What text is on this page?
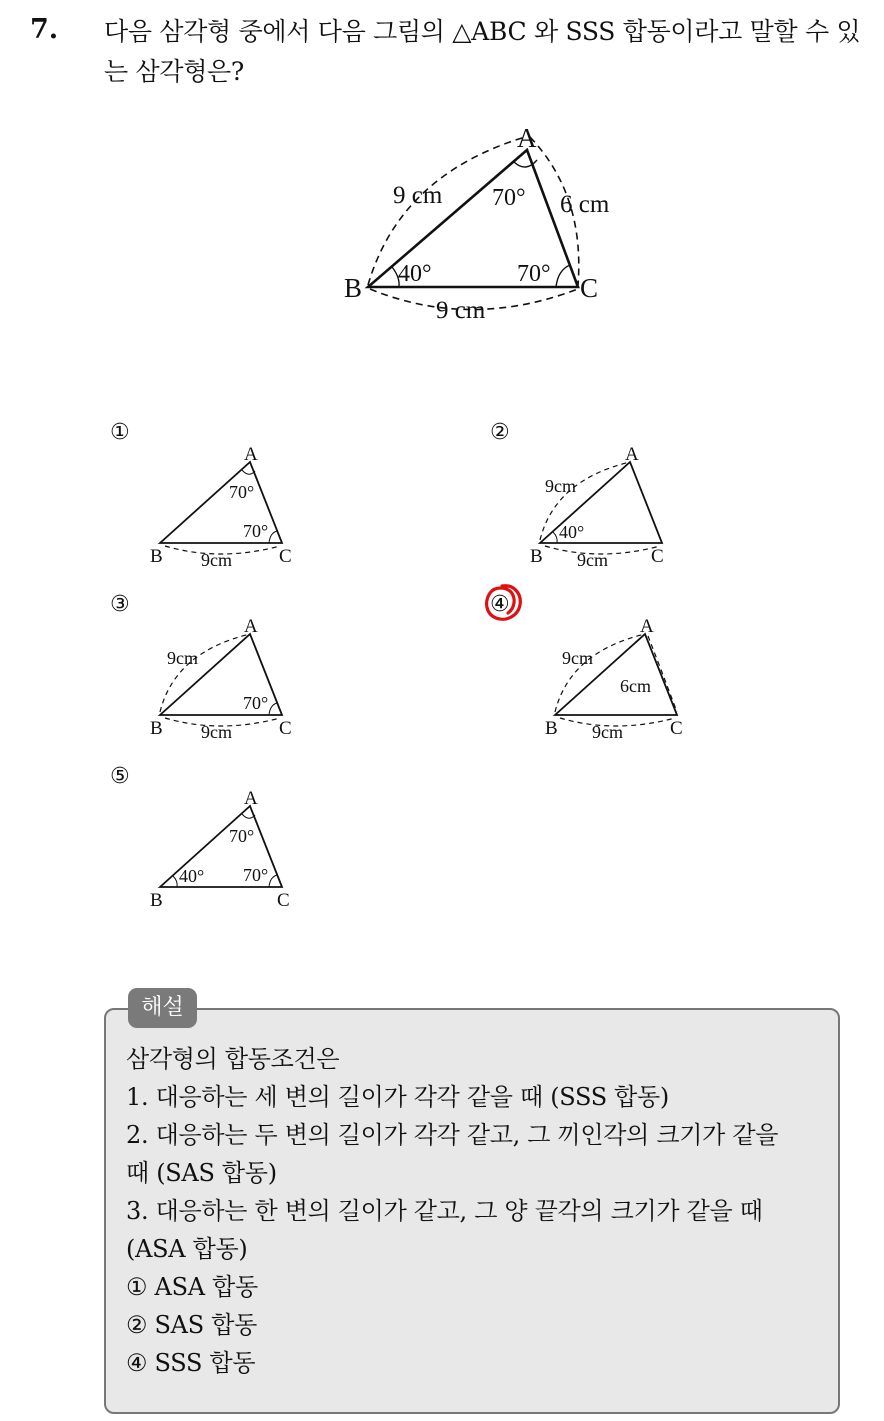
7. 다음 삼각형 중에서 다음 그림의 △ABC 와 SSS 합동이라고 말할 수 있는 삼각형은?
A
B	C
9 cm	6 cm
9 cm
70°
40°	70°
①
A
B	C
70°
70°
9cm
②
A
B	C
9cm
40°
9cm
③
A
B	C
9cm
70°
9cm
④
A
B	C
9cm
6cm
9cm
⑤
A
B	C
70°
40° 70°
해설
삼각형의 합동조건은
1. 대응하는 세 변의 길이가 각각 같을 때 (SSS 합동)
2. 대응하는 두 변의 길이가 각각 같고, 그 끼인각의 크기가 같을
때 (SAS 합동)
3. 대응하는 한 변의 길이가 같고, 그 양 끝각의 크기가 같을 때
(ASA 합동)
① ASA 합동
② SAS 합동
④ SSS 합동
